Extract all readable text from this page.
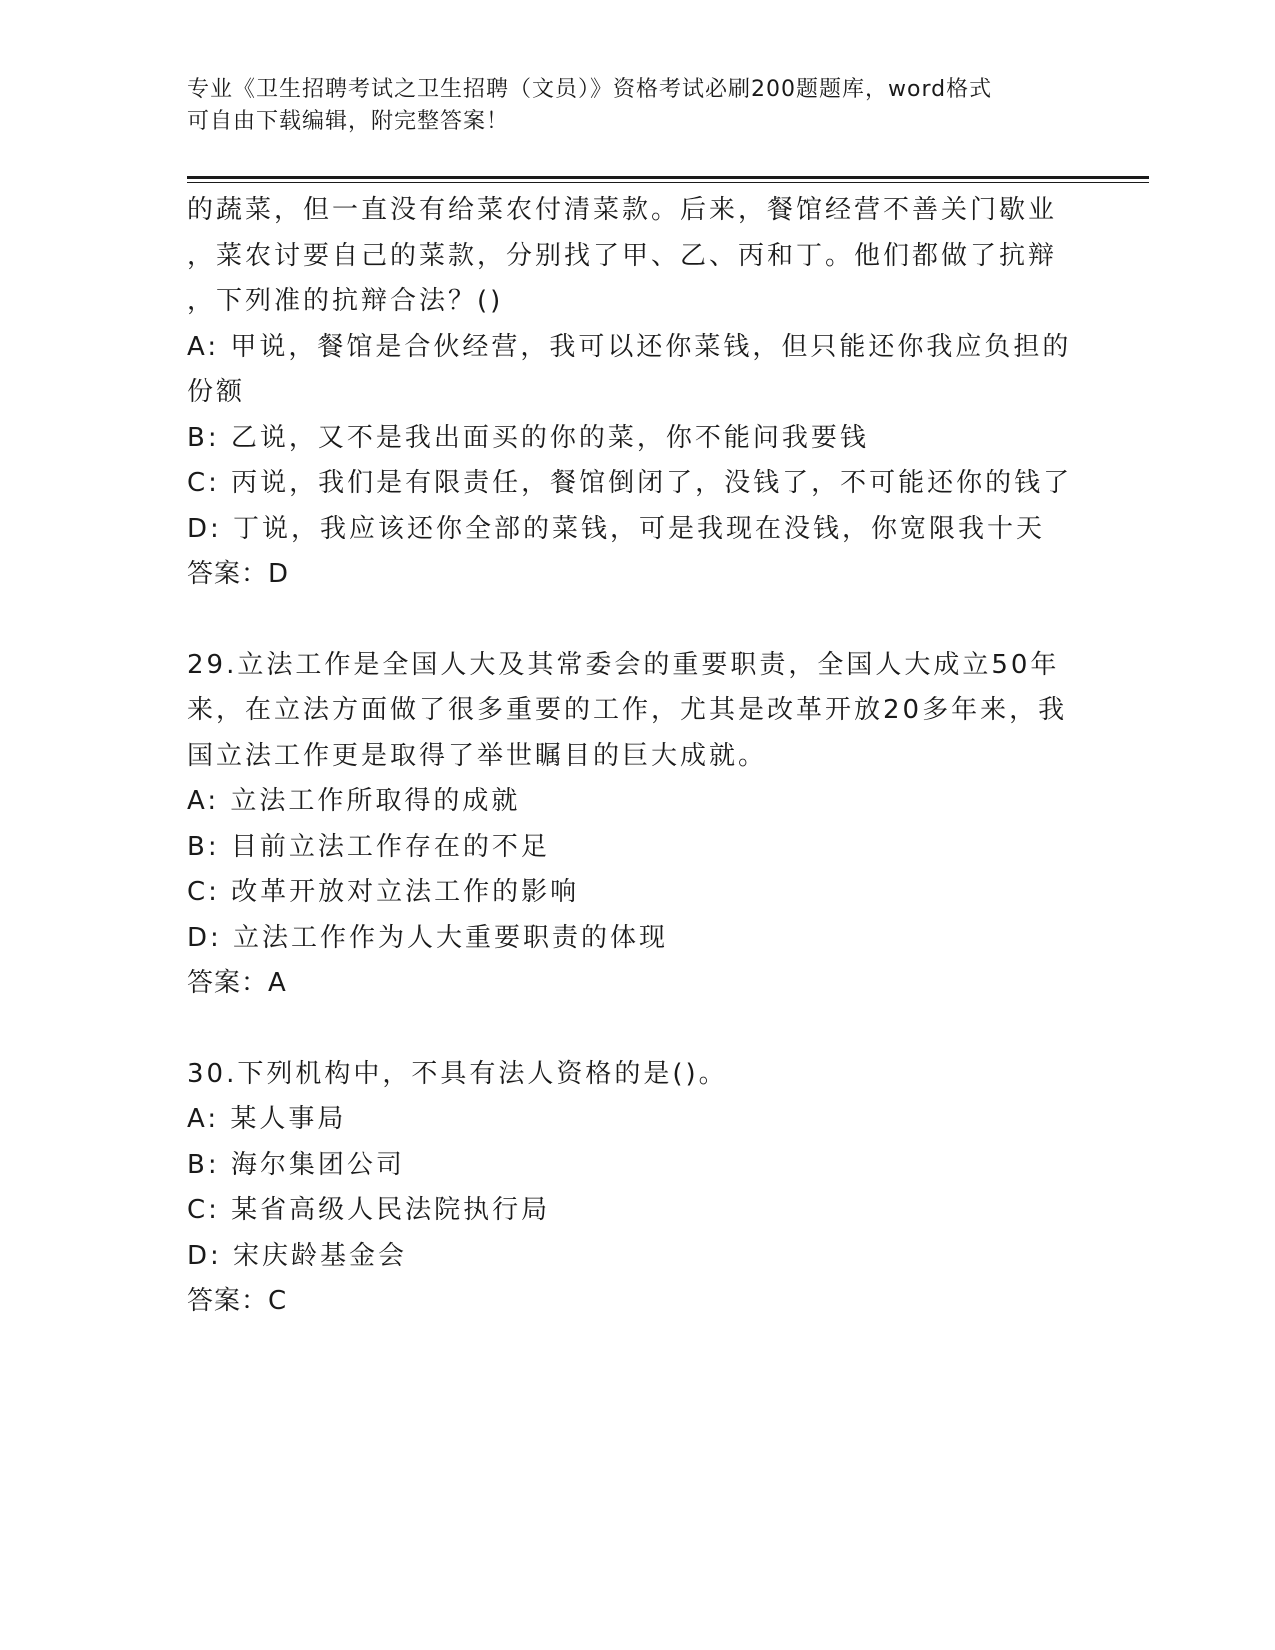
专业《卫生招聘考试之卫生招聘（文员）》资格考试必刷200题题库，word格式
可自由下载编辑，附完整答案！
的蔬菜，但一直没有给菜农付清菜款。后来，餐馆经营不善关门歇业
，菜农讨要自己的菜款，分别找了甲、乙、丙和丁。他们都做了抗辩
，下列准的抗辩合法？()
A: 甲说，餐馆是合伙经营，我可以还你菜钱，但只能还你我应负担的
份额
B: 乙说，又不是我出面买的你的菜，你不能问我要钱
C: 丙说，我们是有限责任，餐馆倒闭了，没钱了，不可能还你的钱了
D: 丁说，我应该还你全部的菜钱，可是我现在没钱，你宽限我十天
答案：D
29.立法工作是全国人大及其常委会的重要职责，全国人大成立50年
来，在立法方面做了很多重要的工作，尤其是改革开放20多年来，我
国立法工作更是取得了举世瞩目的巨大成就。
A: 立法工作所取得的成就
B: 目前立法工作存在的不足
C: 改革开放对立法工作的影响
D: 立法工作作为人大重要职责的体现
答案：A
30.下列机构中，不具有法人资格的是()。
A: 某人事局
B: 海尔集团公司
C: 某省高级人民法院执行局
D: 宋庆龄基金会
答案：C
